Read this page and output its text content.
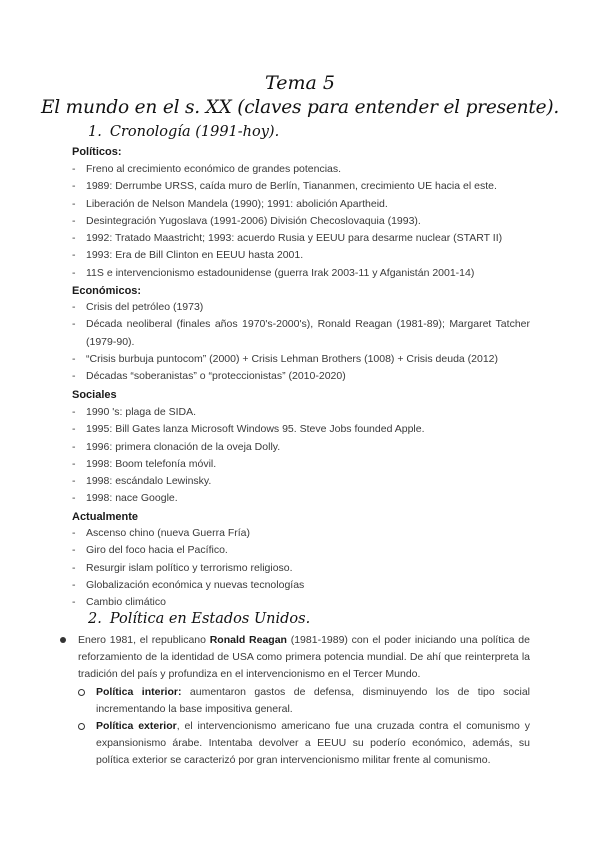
Tema 5
El mundo en el s. XX (claves para entender el presente).
1. Cronología (1991-hoy).

Políticos:

- Freno al crecimiento económico de grandes potencias.
- 1989: Derrumbe URSS, caída muro de Berlín, Tiananmen, crecimiento UE hacia el este.
- Liberación de Nelson Mandela (1990); 1991: abolición Apartheid.
- Desintegración Yugoslava (1991-2006) División Checoslovaquia (1993).
- 1992: Tratado Maastricht; 1993: acuerdo Rusia y EEUU para desarme nuclear (START II)
- 1993: Era de Bill Clinton en EEUU hasta 2001.
- 11S e intervencionismo estadounidense (guerra Irak 2003-11 y Afganistán 2001-14)

Económicos:

- Crisis del petróleo (1973)
- Década neoliberal (finales años 1970's-2000's), Ronald Reagan (1981-89); Margaret Tatcher (1979-90).
- “Crisis burbuja puntocom” (2000) + Crisis Lehman Brothers (1008) + Crisis deuda (2012)
- Décadas “soberanistas” o “proteccionistas” (2010-2020)

Sociales

- 1990 's: plaga de SIDA.
- 1995: Bill Gates lanza Microsoft Windows 95. Steve Jobs founded Apple.
- 1996: primera clonación de la oveja Dolly.
- 1998: Boom telefonía móvil.
- 1998: escándalo Lewinsky.
- 1998: nace Google.

Actualmente

- Ascenso chino (nueva Guerra Fría)
- Giro del foco hacia el Pacífico.
- Resurgir islam político y terrorismo religioso.
- Globalización económica y nuevas tecnologías
- Cambio climático
2. Política en Estados Unidos.
Enero 1981, el republicano Ronald Reagan (1981-1989) con el poder iniciando una política de reforzamiento de la identidad de USA como primera potencia mundial. De ahí que reinterpreta la tradición del país y profundiza en el intervencionismo en el Tercer Mundo.
Política interior: aumentaron gastos de defensa, disminuyendo los de tipo social incrementando la base impositiva general.
Política exterior, el intervencionismo americano fue una cruzada contra el comunismo y expansionismo árabe. Intentaba devolver a EEUU su poderío económico, además, su política exterior se caracterizó por gran intervencionismo militar frente al comunismo.
